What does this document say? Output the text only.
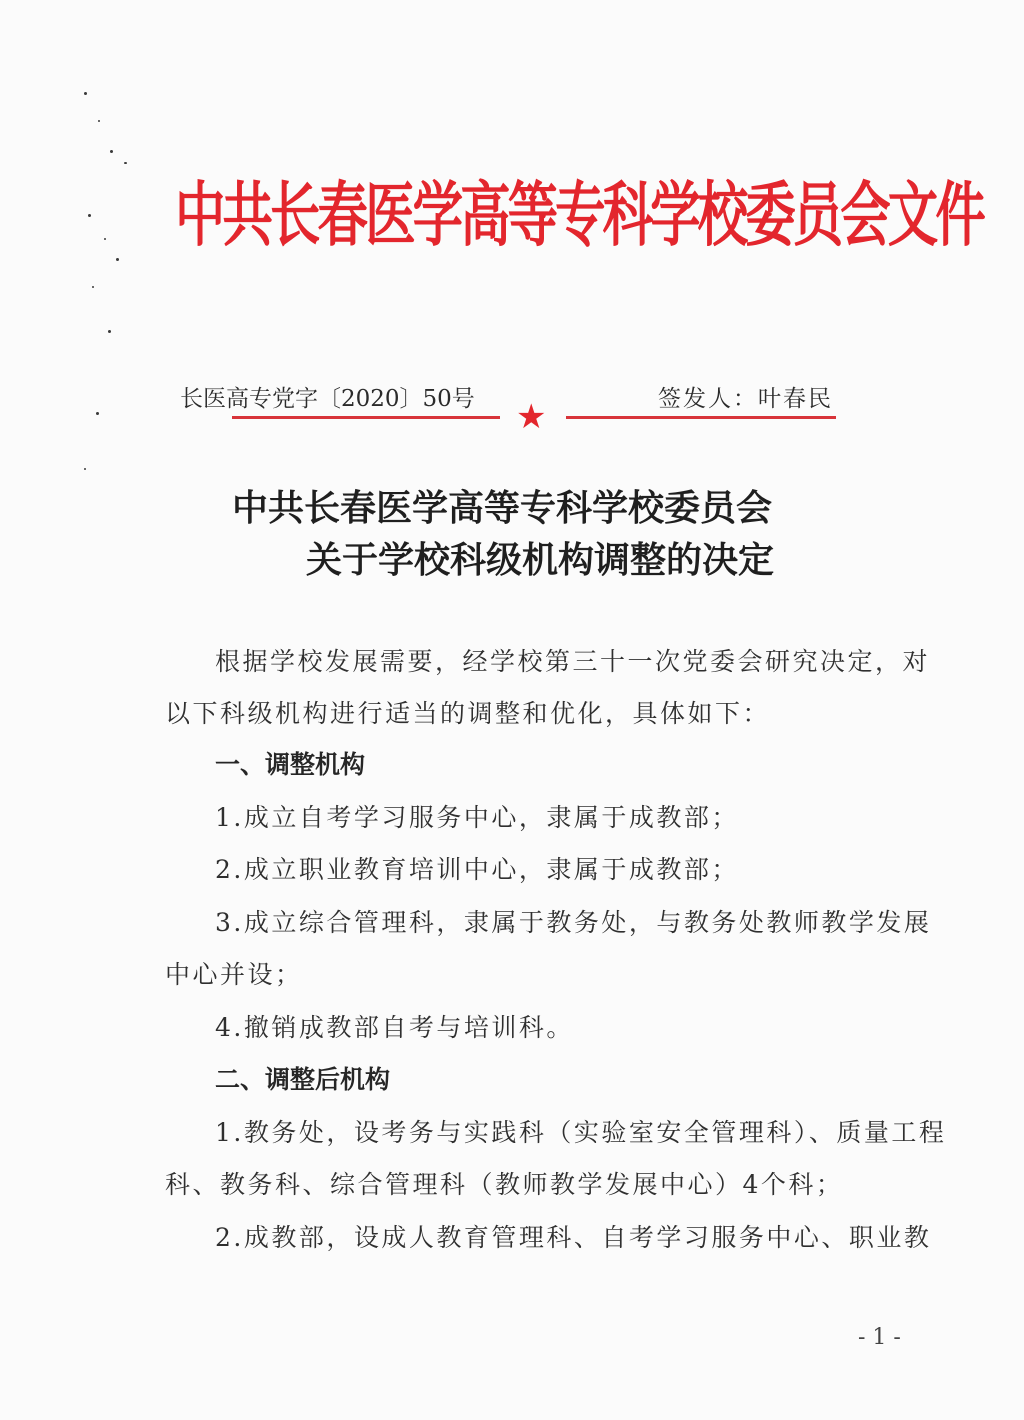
中共长春医学高等专科学校委员会文件
长医高专党字〔2020〕50号	签发人：叶春民
★
中共长春医学高等专科学校委员会
关于学校科级机构调整的决定
根据学校发展需要，经学校第三十一次党委会研究决定，对
以下科级机构进行适当的调整和优化，具体如下：
一、调整机构
1.成立自考学习服务中心，隶属于成教部；
2.成立职业教育培训中心，隶属于成教部；
3.成立综合管理科，隶属于教务处，与教务处教师教学发展
中心并设；
4.撤销成教部自考与培训科。
二、调整后机构
1.教务处，设考务与实践科（实验室安全管理科）、质量工程
科、教务科、综合管理科（教师教学发展中心）4个科；
2.成教部，设成人教育管理科、自考学习服务中心、职业教
- 1 -
